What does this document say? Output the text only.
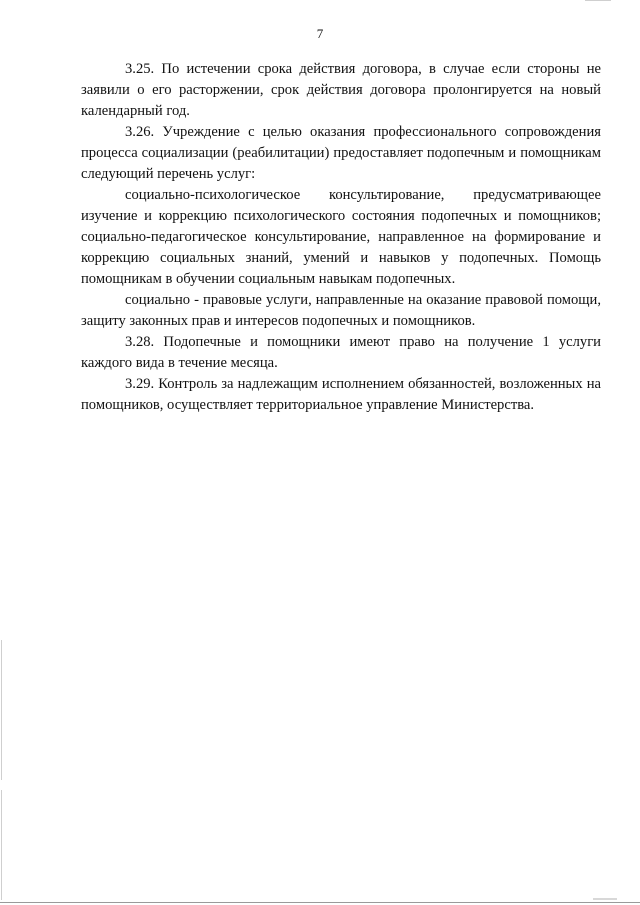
7

3.25. По истечении срока действия договора, в случае если стороны не заявили о его расторжении, срок действия договора пролонгируется на новый календарный год.

3.26. Учреждение с целью оказания профессионального сопровождения процесса социализации (реабилитации) предоставляет подопечным и помощникам следующий перечень услуг:

социально-психологическое консультирование, предусматривающее изучение и коррекцию психологического состояния подопечных и помощников; социально-педагогическое консультирование, направленное на формирование и коррекцию социальных знаний, умений и навыков у подопечных. Помощь помощникам в обучении социальным навыкам подопечных.

социально - правовые услуги, направленные на оказание правовой помощи, защиту законных прав и интересов подопечных и помощников.

3.28. Подопечные и помощники имеют право на получение 1 услуги каждого вида в течение месяца.

3.29. Контроль за надлежащим исполнением обязанностей, возложенных на помощников, осуществляет территориальное управление Министерства.
